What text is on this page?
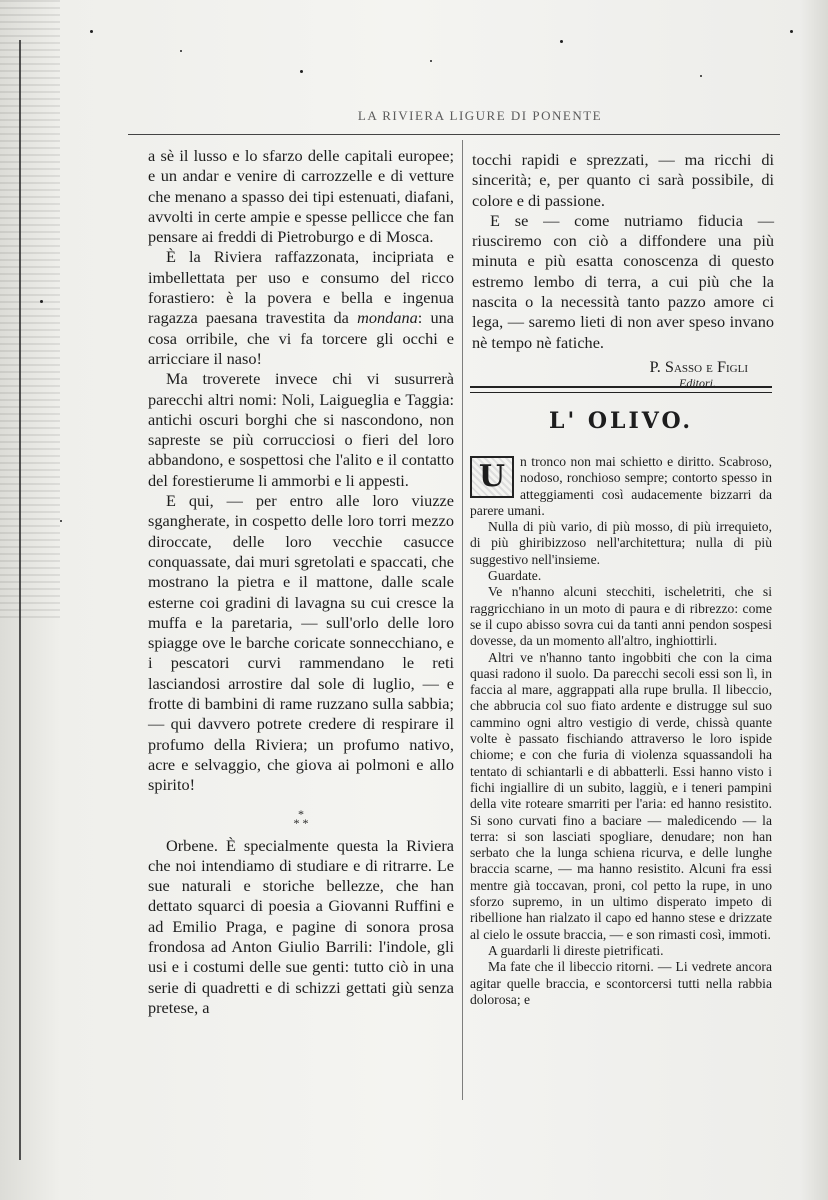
LA RIVIERA LIGURE DI PONENTE

a sè il lusso e lo sfarzo delle capitali europee; e un andar e venire di carrozzelle e di vetture che menano a spasso dei tipi estenuati, diafani, avvolti in certe ampie e spesse pellicce che fan pensare ai freddi di Pietroburgo e di Mosca.

È la Riviera raffazzonata, incipriata e imbellettata per uso e consumo del ricco forastiero: è la povera e bella e ingenua ragazza paesana travestita da mondana: una cosa orribile, che vi fa torcere gli occhi e arricciare il naso!

Ma troverete invece chi vi susurrerà parecchi altri nomi: Noli, Laigueglia e Taggia: antichi oscuri borghi che si nascondono, non sapreste se più corrucciosi o fieri del loro abbandono, e sospettosi che l'alito e il contatto del forestierume li ammorbi e li appesti.

E qui, — per entro alle loro viuzze sgangherate, in cospetto delle loro torri mezzo diroccate, delle loro vecchie casucce conquassate, dai muri sgretolati e spaccati, che mostrano la pietra e il mattone, dalle scale esterne coi gradini di lavagna su cui cresce la muffa e la paretaria, — sull'orlo delle loro spiagge ove le barche coricate sonnecchiano, e i pescatori curvi rammendano le reti lasciandosi arrostire dal sole di luglio, — e frotte di bambini di rame ruzzano sulla sabbia; — qui davvero potrete credere di respirare il profumo della Riviera; un profumo nativo, acre e selvaggio, che giova ai polmoni e allo spirito!

*
* *

Orbene. È specialmente questa la Riviera che noi intendiamo di studiare e di ritrarre. Le sue naturali e storiche bellezze, che han dettato squarci di poesia a Giovanni Ruffini e ad Emilio Praga, e pagine di sonora prosa frondosa ad Anton Giulio Barrili: l'indole, gli usi e i costumi delle sue genti: tutto ciò in una serie di quadretti e di schizzi gettati giù senza pretese, a

tocchi rapidi e sprezzati, — ma ricchi di sincerità; e, per quanto ci sarà possibile, di colore e di passione.

E se — come nutriamo fiducia — riusciremo con ciò a diffondere una più minuta e più esatta conoscenza di questo estremo lembo di terra, a cui più che la nascita o la necessità tanto pazzo amore ci lega, — saremo lieti di non aver speso invano nè tempo nè fatiche.

P. Sasso e Figli

Editori.

L' OLIVO.

U	n tronco non mai schietto e diritto. Scabroso, nodoso, ronchioso sempre; contorto spesso in atteggiamenti così audacemente bizzarri da parere umani.

Nulla di più vario, di più mosso, di più irrequieto, di più ghiribizzoso nell'architettura; nulla di più suggestivo nell'insieme.

Guardate.

Ve n'hanno alcuni stecchiti, ischeletriti, che si raggricchiano in un moto di paura e di ribrezzo: come se il cupo abisso sovra cui da tanti anni pendon sospesi dovesse, da un momento all'altro, inghiottirli.

Altri ve n'hanno tanto ingobbiti che con la cima quasi radono il suolo. Da parecchi secoli essi son lì, in faccia al mare, aggrappati alla rupe brulla. Il libeccio, che abbrucia col suo fiato ardente e distrugge sul suo cammino ogni altro vestigio di verde, chissà quante volte è passato fischiando attraverso le loro ispide chiome; e con che furia di violenza squassandoli ha tentato di schiantarli e di abbatterli. Essi hanno visto i fichi ingiallire di un subito, laggiù, e i teneri pampini della vite roteare smarriti per l'aria: ed hanno resistito. Si sono curvati fino a baciare — maledicendo — la terra: si son lasciati spogliare, denudare; non han serbato che la lunga schiena ricurva, e delle lunghe braccia scarne, — ma hanno resistito. Alcuni fra essi mentre già toccavan, proni, col petto la rupe, in uno sforzo supremo, in un ultimo disperato impeto di ribellione han rialzato il capo ed hanno stese e drizzate al cielo le ossute braccia, — e son rimasti così, immoti.

A guardarli li direste pietrificati.

Ma fate che il libeccio ritorni. — Li vedrete ancora agitar quelle braccia, e scontorcersi tutti nella rabbia dolorosa; e
